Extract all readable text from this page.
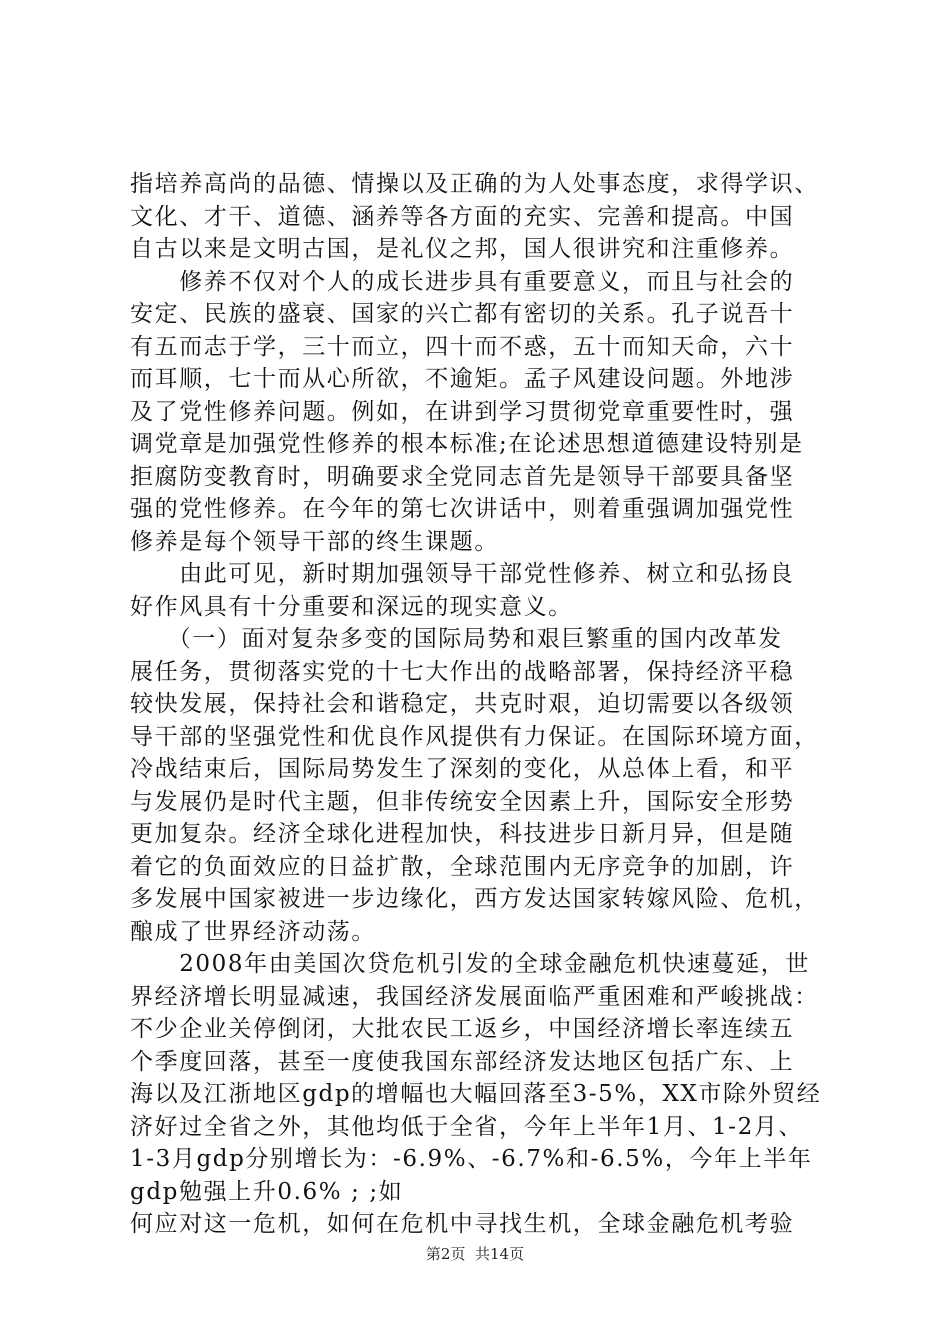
指培养高尚的品德、情操以及正确的为人处事态度，求得学识、
文化、才干、道德、涵养等各方面的充实、完善和提高。中国
自古以来是文明古国，是礼仪之邦，国人很讲究和注重修养。
　　修养不仅对个人的成长进步具有重要意义，而且与社会的
安定、民族的盛衰、国家的兴亡都有密切的关系。孔子说吾十
有五而志于学，三十而立，四十而不惑，五十而知天命，六十
而耳顺，七十而从心所欲，不逾矩。孟子风建设问题。外地涉
及了党性修养问题。例如，在讲到学习贯彻党章重要性时，强
调党章是加强党性修养的根本标准;在论述思想道德建设特别是
拒腐防变教育时，明确要求全党同志首先是领导干部要具备坚
强的党性修养。在今年的第七次讲话中，则着重强调加强党性
修养是每个领导干部的终生课题。
　　由此可见，新时期加强领导干部党性修养、树立和弘扬良
好作风具有十分重要和深远的现实意义。
　　（一）面对复杂多变的国际局势和艰巨繁重的国内改革发
展任务，贯彻落实党的十七大作出的战略部署，保持经济平稳
较快发展，保持社会和谐稳定，共克时艰，迫切需要以各级领
导干部的坚强党性和优良作风提供有力保证。在国际环境方面，
冷战结束后，国际局势发生了深刻的变化，从总体上看，和平
与发展仍是时代主题，但非传统安全因素上升，国际安全形势
更加复杂。经济全球化进程加快，科技进步日新月异，但是随
着它的负面效应的日益扩散，全球范围内无序竞争的加剧，许
多发展中国家被进一步边缘化，西方发达国家转嫁风险、危机，
酿成了世界经济动荡。
　　2008年由美国次贷危机引发的全球金融危机快速蔓延，世
界经济增长明显减速，我国经济发展面临严重困难和严峻挑战：
不少企业关停倒闭，大批农民工返乡，中国经济增长率连续五
个季度回落，甚至一度使我国东部经济发达地区包括广东、上
海以及江浙地区gdp的增幅也大幅回落至3-5%，XX市除外贸经
济好过全省之外，其他均低于全省，今年上半年1月、1-2月、
1-3月gdp分别增长为：-6.9%、-6.7%和-6.5%，今年上半年
gdp勉强上升0.6% ; ;如
何应对这一危机，如何在危机中寻找生机，全球金融危机考验
第2页  共14页
